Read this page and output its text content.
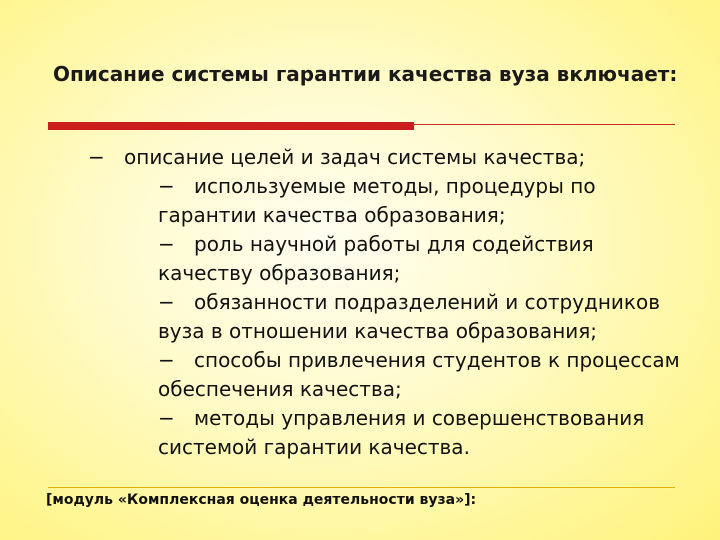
Описание системы гарантии качества вуза включает:
− описание целей и задач системы качества;
− используемые методы, процедуры по гарантии качества образования;
− роль научной работы для содействия качеству образования;
− обязанности подразделений и сотрудников вуза в отношении качества образования;
− способы привлечения студентов к процессам обеспечения качества;
− методы управления и совершенствования системой гарантии качества.
[модуль «Комплексная оценка деятельности вуза»]:
